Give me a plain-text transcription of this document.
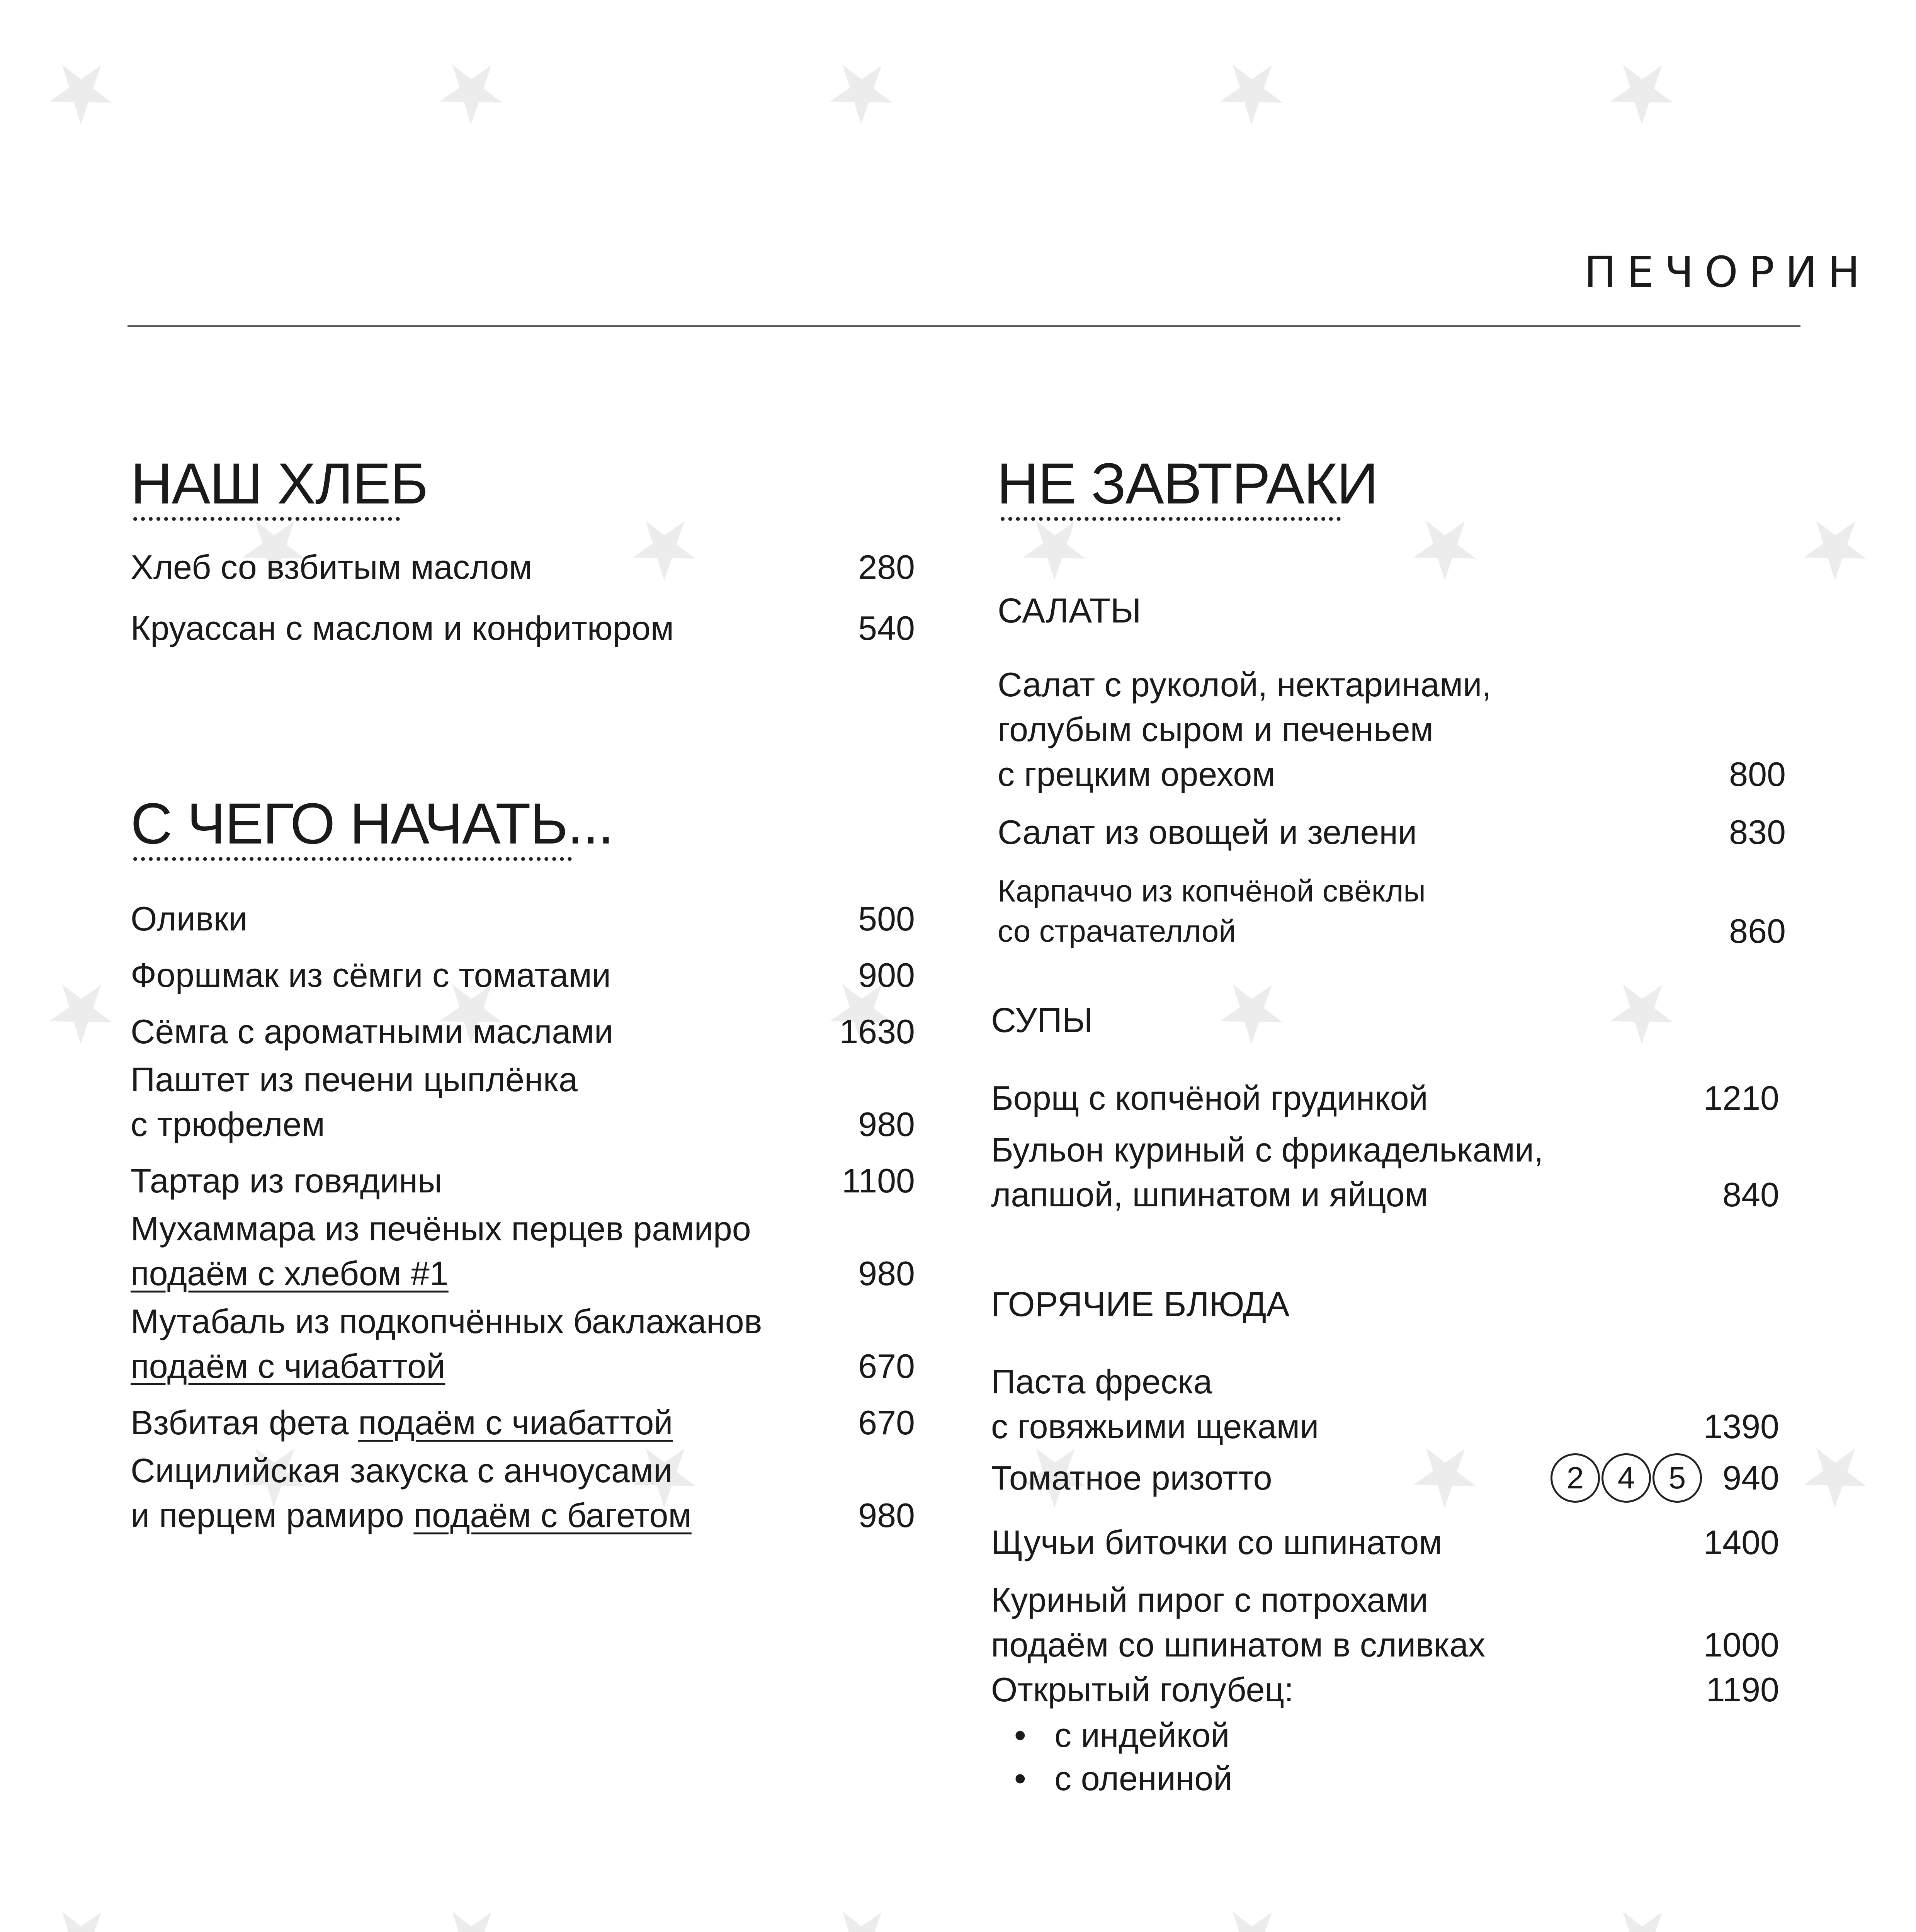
ПЕЧОРИН
НАШ ХЛЕБ
Хлеб со взбитым маслом	280
Круассан с маслом и конфитюром	540
С ЧЕГО НАЧАТЬ...
Оливки	500
Форшмак из сёмги с томатами	900
Сёмга с ароматными маслами	1630
Паштет из печени цыплёнка
с трюфелем	980
Тартар из говядины	1100
Мухаммара из печёных перцев рамиро
подаём с хлебом #1	980
Мутабаль из подкопчённых баклажанов
подаём с чиабаттой	670
Взбитая фета подаём с чиабаттой	670
Сицилийская закуска с анчоусами
и перцем рамиро подаём с багетом	980
НЕ ЗАВТРАКИ
САЛАТЫ
Салат с руколой, нектаринами,
голубым сыром и печеньем
с грецким орехом	800
Салат из овощей и зелени	830
Карпаччо из копчёной свёклы
со страчателлой	860
СУПЫ
Борщ с копчёной грудинкой	1210
Бульон куриный с фрикадельками,
лапшой, шпинатом и яйцом	840
ГОРЯЧИЕ БЛЮДА
Паста фреска
с говяжьими щеками	1390
Томатное ризотто	2	4	5	940
Щучьи биточки со шпинатом	1400
Куриный пирог с потрохами
подаём со шпинатом в сливках	1000
Открытый голубец:	1190
•   с индейкой
•   с олениной
